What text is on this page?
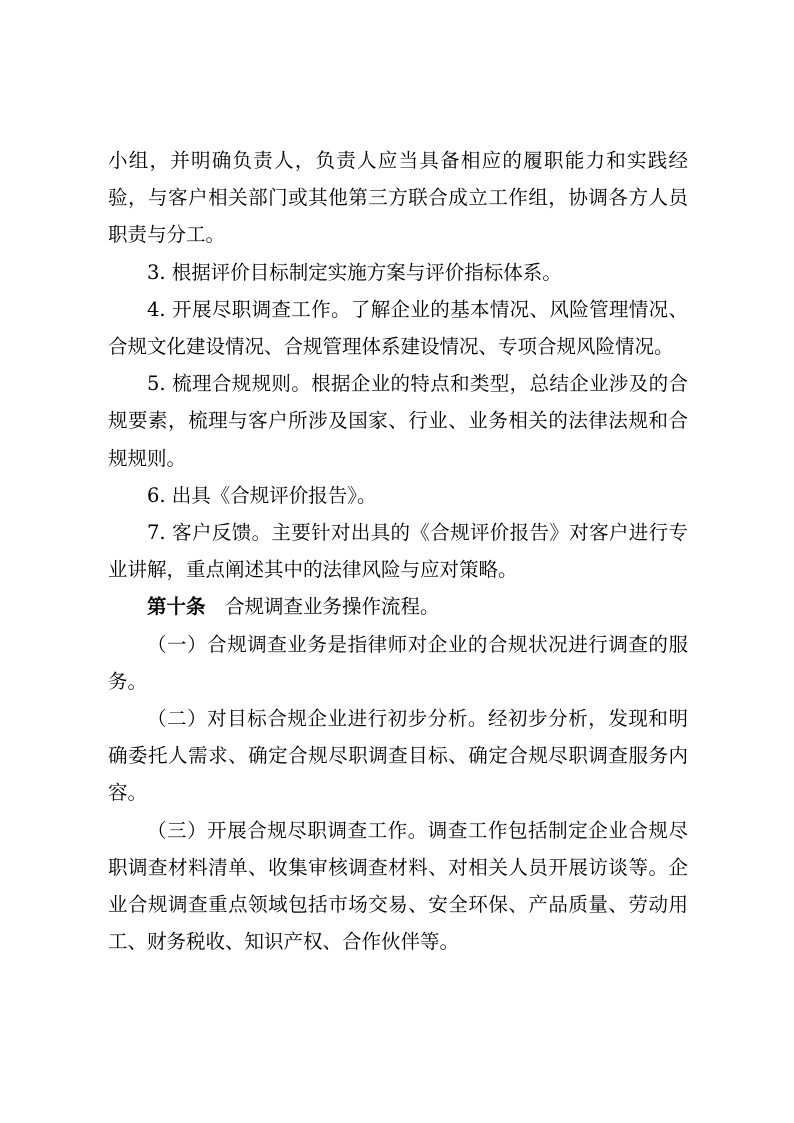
小组，并明确负责人，负责人应当具备相应的履职能力和实践经验，与客户相关部门或其他第三方联合成立工作组，协调各方人员职责与分工。

3. 根据评价目标制定实施方案与评价指标体系。

4. 开展尽职调查工作。了解企业的基本情况、风险管理情况、合规文化建设情况、合规管理体系建设情况、专项合规风险情况。

5. 梳理合规规则。根据企业的特点和类型，总结企业涉及的合规要素，梳理与客户所涉及国家、行业、业务相关的法律法规和合规规则。

6. 出具《合规评价报告》。

7. 客户反馈。主要针对出具的《合规评价报告》对客户进行专业讲解，重点阐述其中的法律风险与应对策略。

第十条　 合规调查业务操作流程。

（一）合规调查业务是指律师对企业的合规状况进行调查的服务。

（二）对目标合规企业进行初步分析。经初步分析，发现和明确委托人需求、确定合规尽职调查目标、确定合规尽职调查服务内容。

（三）开展合规尽职调查工作。调查工作包括制定企业合规尽职调查材料清单、收集审核调查材料、对相关人员开展访谈等。企业合规调查重点领域包括市场交易、安全环保、产品质量、劳动用工、财务税收、知识产权、合作伙伴等。
